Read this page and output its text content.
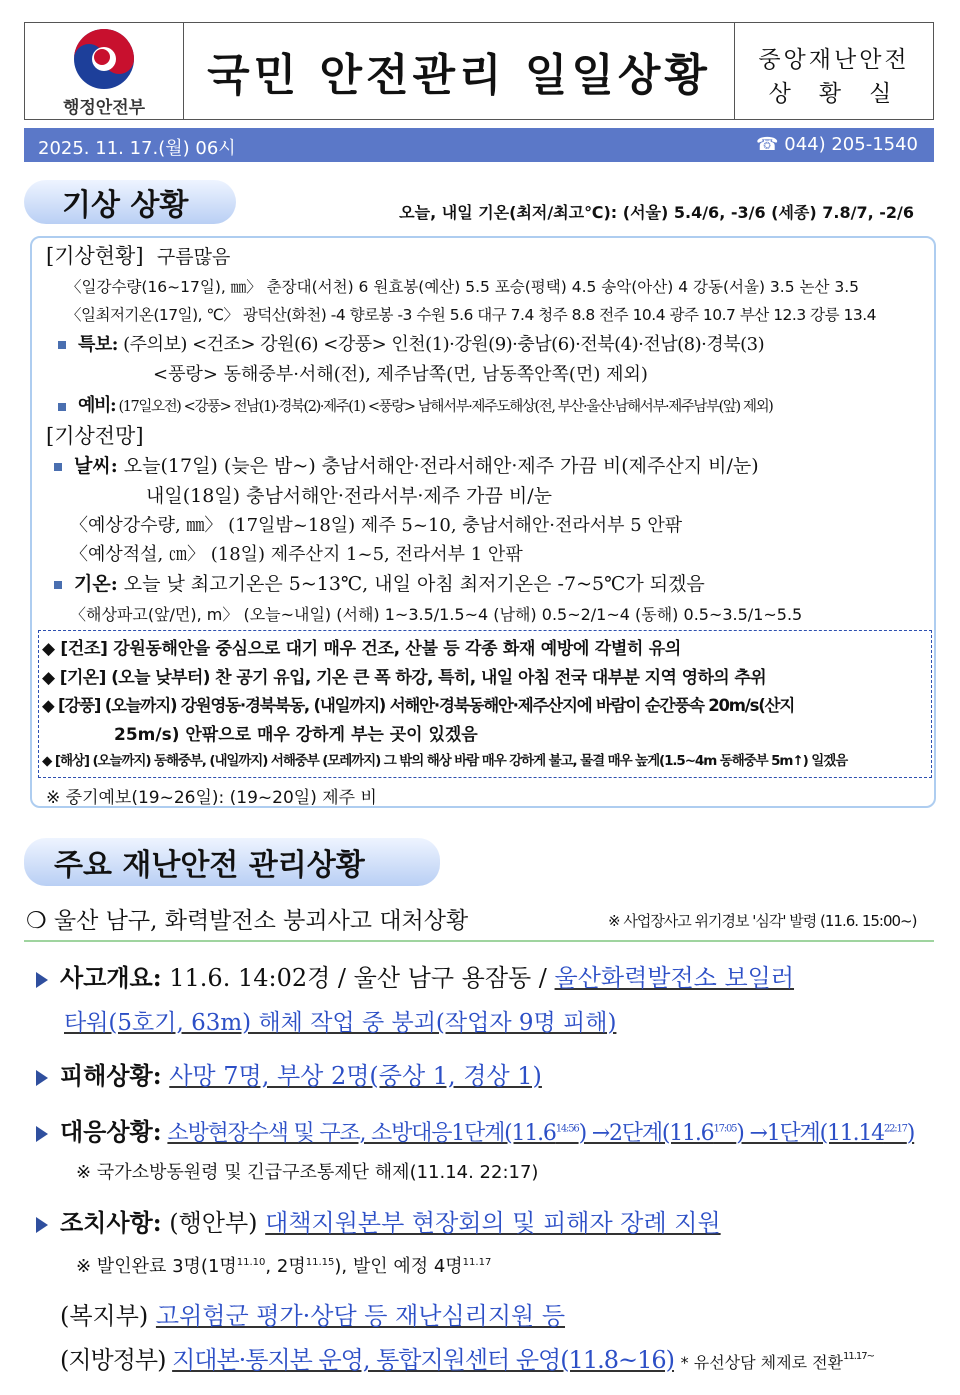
행정안전부
국민 안전관리 일일상황	중앙재난안전
상황실
2025. 11. 17.(월) 06시	☎ 044) 205-1540
기상 상황	오늘, 내일 기온(최저/최고℃): (서울) 5.4/6, -3/6 (세종) 7.8/7, -2/6
[기상현황] 구름많음
〈일강수량(16~17일), ㎜〉 춘장대(서천) 6 원효봉(예산) 5.5 포승(평택) 4.5 송악(아산) 4 강동(서울) 3.5 논산 3.5
〈일최저기온(17일), ℃〉 광덕산(화천) -4 향로봉 -3 수원 5.6 대구 7.4 청주 8.8 전주 10.4 광주 10.7 부산 12.3 강릉 13.4
특보: (주의보) <건조> 강원(6) <강풍> 인천(1)·강원(9)·충남(6)·전북(4)·전남(8)·경북(3)
<풍랑> 동해중부·서해(전), 제주남쪽(먼, 남동쪽안쪽(먼) 제외)
예비: (17일오전) <강풍> 전남(1)·경북(2)·제주(1) <풍랑> 남해서부·제주도해상(전, 부산·울산·남해서부·제주남부(앞) 제외)
[기상전망]
날씨: 오늘(17일) (늦은 밤~) 충남서해안·전라서해안·제주 가끔 비(제주산지 비/눈)
내일(18일) 충남서해안·전라서부·제주 가끔 비/눈
〈예상강수량, ㎜〉 (17일밤~18일) 제주 5~10, 충남서해안·전라서부 5 안팎
〈예상적설, ㎝〉 (18일) 제주산지 1~5, 전라서부 1 안팎
기온: 오늘 낮 최고기온은 5~13℃, 내일 아침 최저기온은 -7~5℃가 되겠음
〈해상파고(앞/먼), m〉 (오늘~내일) (서해) 1~3.5/1.5~4 (남해) 0.5~2/1~4 (동해) 0.5~3.5/1~5.5
◆ [건조] 강원동해안을 중심으로 대기 매우 건조, 산불 등 각종 화재 예방에 각별히 유의
◆ [기온] (오늘 낮부터) 찬 공기 유입, 기온 큰 폭 하강, 특히, 내일 아침 전국 대부분 지역 영하의 추위
◆ [강풍] (오늘까지) 강원영동·경북북동, (내일까지) 서해안·경북동해안·제주산지에 바람이 순간풍속 20m/s(산지
25m/s) 안팎으로 매우 강하게 부는 곳이 있겠음
◆ [해상] (오늘까지) 동해중부, (내일까지) 서해중부 (모레까지) 그 밖의 해상 바람 매우 강하게 불고, 물결 매우 높게(1.5~4m 동해중부 5m↑) 일겠음
※ 중기예보(19~26일): (19~20일) 제주 비
주요 재난안전 관리상황
❍ 울산 남구, 화력발전소 붕괴사고 대처상황	※ 사업장사고 위기경보 '심각' 발령 (11.6. 15:00~)
사고개요: 11.6. 14:02경 / 울산 남구 용잠동 / 울산화력발전소 보일러
타워(5호기, 63m) 해체 작업 중 붕괴(작업자 9명 피해)
피해상황: 사망 7명, 부상 2명(중상 1, 경상 1)
대응상황: 소방현장수색 및 구조, 소방대응1단계$(11.6^{14:56}) \to 2$단계$(11.6^{17:05}) \to 1$단계$(11.14^{22:17})$
※ 국가소방동원령 및 긴급구조통제단 해제(11.14. 22:17)
조치사항: (행안부) 대책지원본부 현장회의 및 피해자 장례 지원
※ 발인완료 3명(1명$^{11.10}$, 2명$^{11.15}$), 발인 예정 4명$^{11.17}$
(복지부) 고위험군 평가·상담 등 재난심리지원 등
(지방정부) 지대본·통지본 운영, 통합지원센터 운영(11.8~16) * 유선상담 체제로 전환$^{11.17\sim}$
